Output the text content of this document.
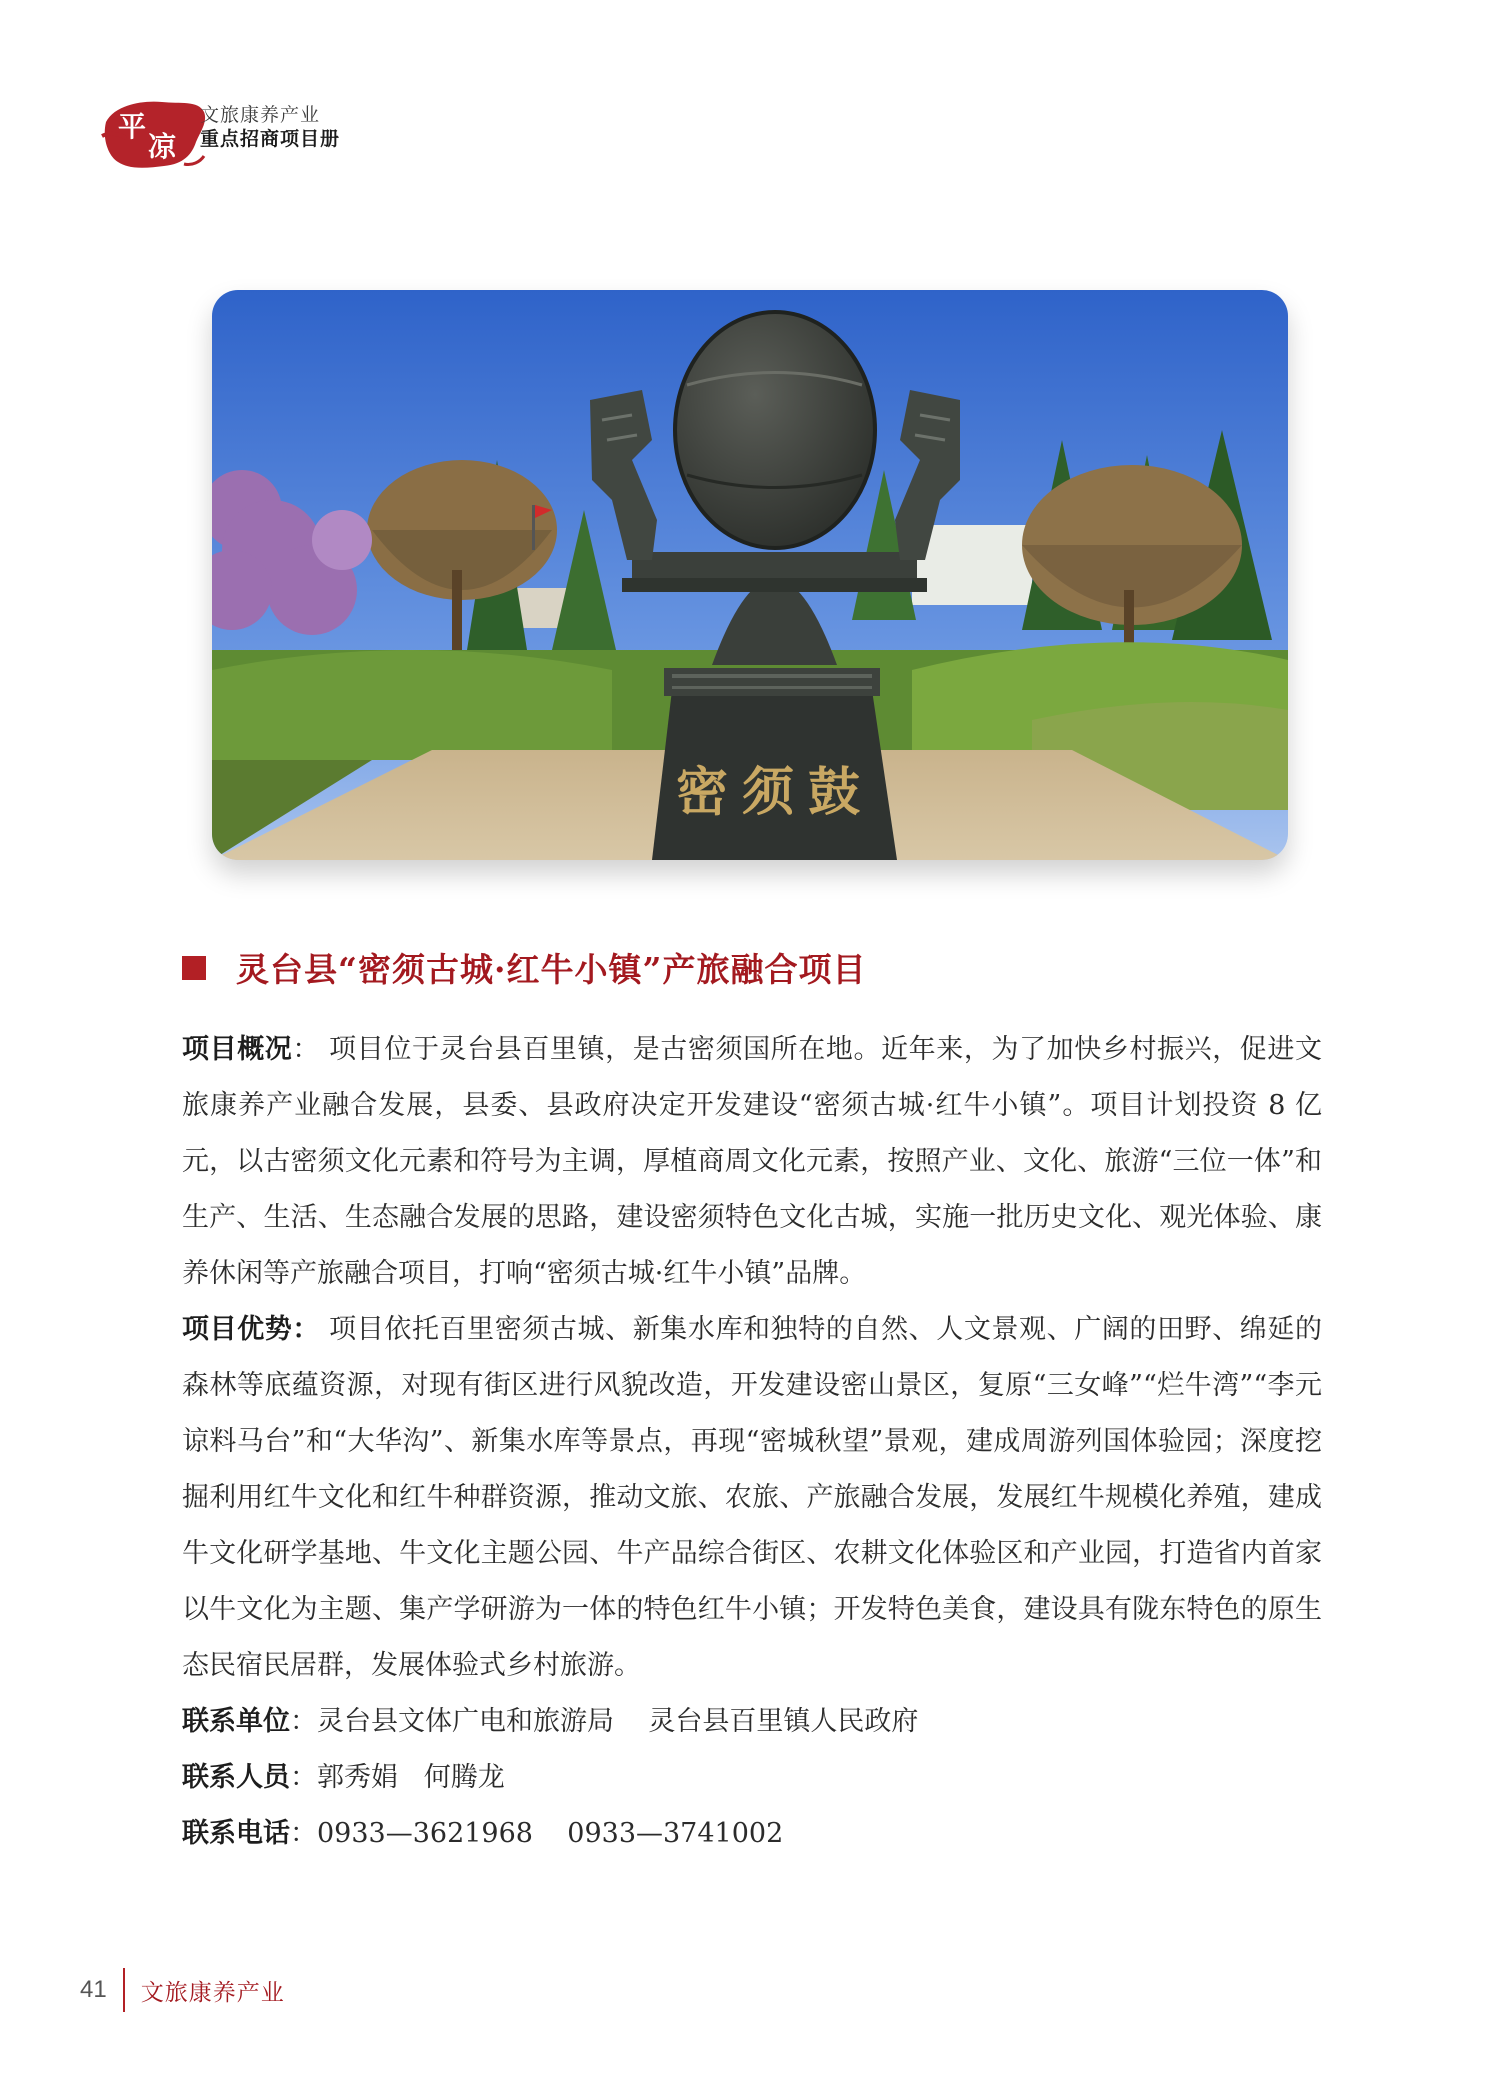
平
凉
文旅康养产业
重点招商项目册
密须鼓
灵台县“密须古城·红牛小镇”产旅融合项目

项目概况： 项目位于灵台县百里镇，是古密须国所在地。近年来，为了加快乡村振兴，促进文旅康养产业融合发展，县委、县政府决定开发建设“密须古城·红牛小镇”。项目计划投资 8 亿元，以古密须文化元素和符号为主调，厚植商周文化元素，按照产业、文化、旅游“三位一体”和生产、生活、生态融合发展的思路，建设密须特色文化古城，实施一批历史文化、观光体验、康养休闲等产旅融合项目，打响“密须古城·红牛小镇”品牌。

项目优势： 项目依托百里密须古城、新集水库和独特的自然、人文景观、广阔的田野、绵延的森林等底蕴资源，对现有街区进行风貌改造，开发建设密山景区，复原“三女峰”“烂牛湾”“李元谅料马台”和“大华沟”、新集水库等景点，再现“密城秋望”景观，建成周游列国体验园；深度挖掘利用红牛文化和红牛种群资源，推动文旅、农旅、产旅融合发展，发展红牛规模化养殖，建成牛文化研学基地、牛文化主题公园、牛产品综合街区、农耕文化体验区和产业园，打造省内首家以牛文化为主题、集产学研游为一体的特色红牛小镇；开发特色美食，建设具有陇东特色的原生态民宿民居群，发展体验式乡村旅游。

联系单位：灵台县文体广电和旅游局    灵台县百里镇人民政府

联系人员：郭秀娟   何腾龙

联系电话：0933—3621968    0933—3741002

41 文旅康养产业
